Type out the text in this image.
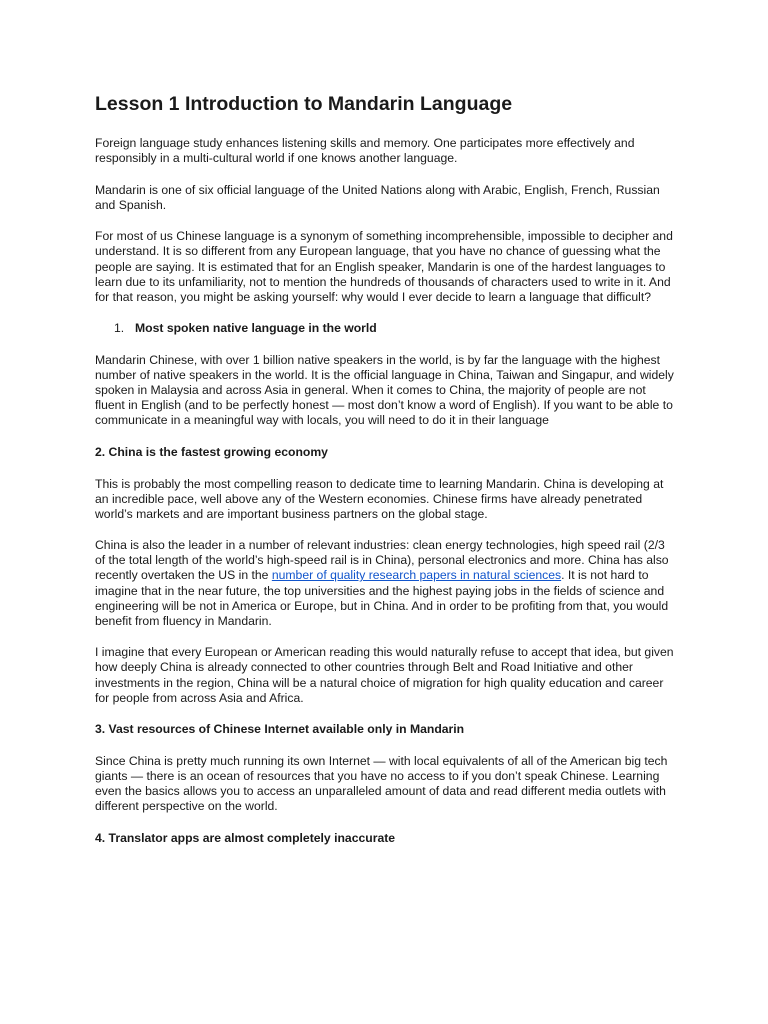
Lesson 1 Introduction to Mandarin Language

Foreign language study enhances listening skills and memory. One participates more effectively and responsibly in a multi-cultural world if one knows another language.

Mandarin is one of six official language of the United Nations along with Arabic, English, French, Russian and Spanish.

For most of us Chinese language is a synonym of something incomprehensible, impossible to decipher and understand. It is so different from any European language, that you have no chance of guessing what the people are saying. It is estimated that for an English speaker, Mandarin is one of the hardest languages to learn due to its unfamiliarity, not to mention the hundreds of thousands of characters used to write in it. And for that reason, you might be asking yourself: why would I ever decide to learn a language that difficult?

1. Most spoken native language in the world

Mandarin Chinese, with over 1 billion native speakers in the world, is by far the language with the highest number of native speakers in the world. It is the official language in China, Taiwan and Singapur, and widely spoken in Malaysia and across Asia in general. When it comes to China, the majority of people are not fluent in English (and to be perfectly honest — most don’t know a word of English). If you want to be able to communicate in a meaningful way with locals, you will need to do it in their language

2. China is the fastest growing economy

This is probably the most compelling reason to dedicate time to learning Mandarin. China is developing at an incredible pace, well above any of the Western economies. Chinese firms have already penetrated world’s markets and are important business partners on the global stage.

China is also the leader in a number of relevant industries: clean energy technologies, high speed rail (2/3 of the total length of the world’s high-speed rail is in China), personal electronics and more. China has also recently overtaken the US in the number of quality research papers in natural sciences. It is not hard to imagine that in the near future, the top universities and the highest paying jobs in the fields of science and engineering will be not in America or Europe, but in China. And in order to be profiting from that, you would benefit from fluency in Mandarin.

I imagine that every European or American reading this would naturally refuse to accept that idea, but given how deeply China is already connected to other countries through Belt and Road Initiative and other investments in the region, China will be a natural choice of migration for high quality education and career for people from across Asia and Africa.

3. Vast resources of Chinese Internet available only in Mandarin

Since China is pretty much running its own Internet — with local equivalents of all of the American big tech giants — there is an ocean of resources that you have no access to if you don’t speak Chinese. Learning even the basics allows you to access an unparalleled amount of data and read different media outlets with different perspective on the world.

4. Translator apps are almost completely inaccurate
